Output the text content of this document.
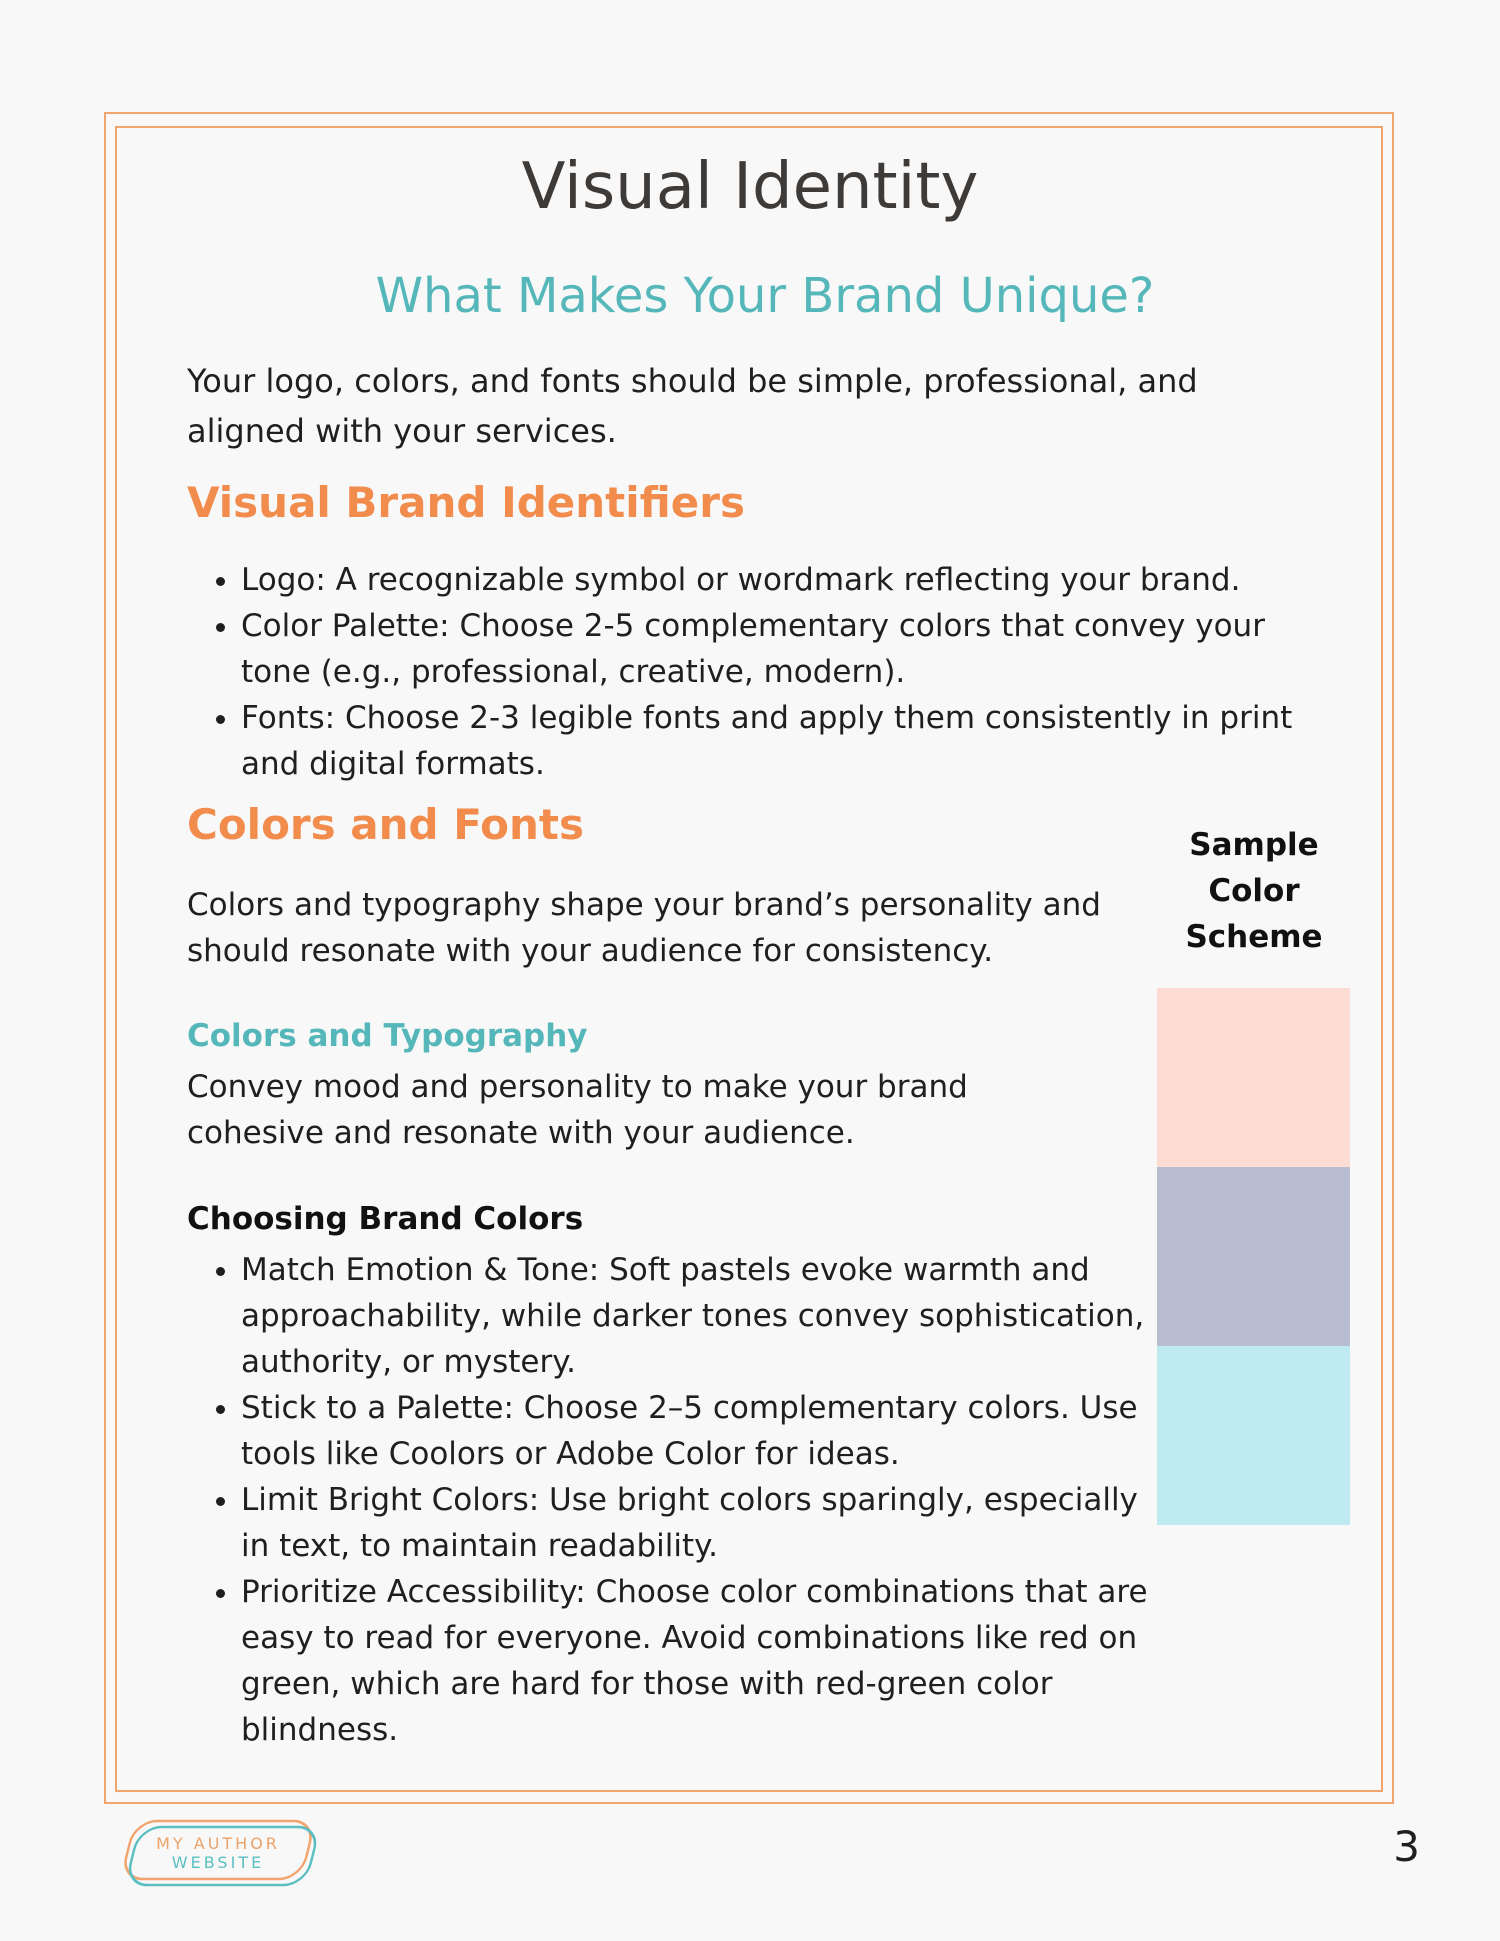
Visual Identity
What Makes Your Brand Unique?

Your logo, colors, and fonts should be simple, professional, and aligned with your services.

Visual Brand Identifiers
• Logo: A recognizable symbol or wordmark reflecting your brand.
• Color Palette: Choose 2-5 complementary colors that convey your tone (e.g., professional, creative, modern).
• Fonts: Choose 2-3 legible fonts and apply them consistently in print and digital formats.
Colors and Fonts

Colors and typography shape your brand’s personality and should resonate with your audience for consistency.

Colors and Typography

Convey mood and personality to make your brand cohesive and resonate with your audience.

Choosing Brand Colors
• Match Emotion & Tone: Soft pastels evoke warmth and approachability, while darker tones convey sophistication, authority, or mystery.
• Stick to a Palette: Choose 2–5 complementary colors. Use tools like Coolors or Adobe Color for ideas.
• Limit Bright Colors: Use bright colors sparingly, especially in text, to maintain readability.
• Prioritize Accessibility: Choose color combinations that are easy to read for everyone. Avoid combinations like red on green, which are hard for those with red-green color blindness.

Sample Color Scheme

MY AUTHOR
WEBSITE	3
